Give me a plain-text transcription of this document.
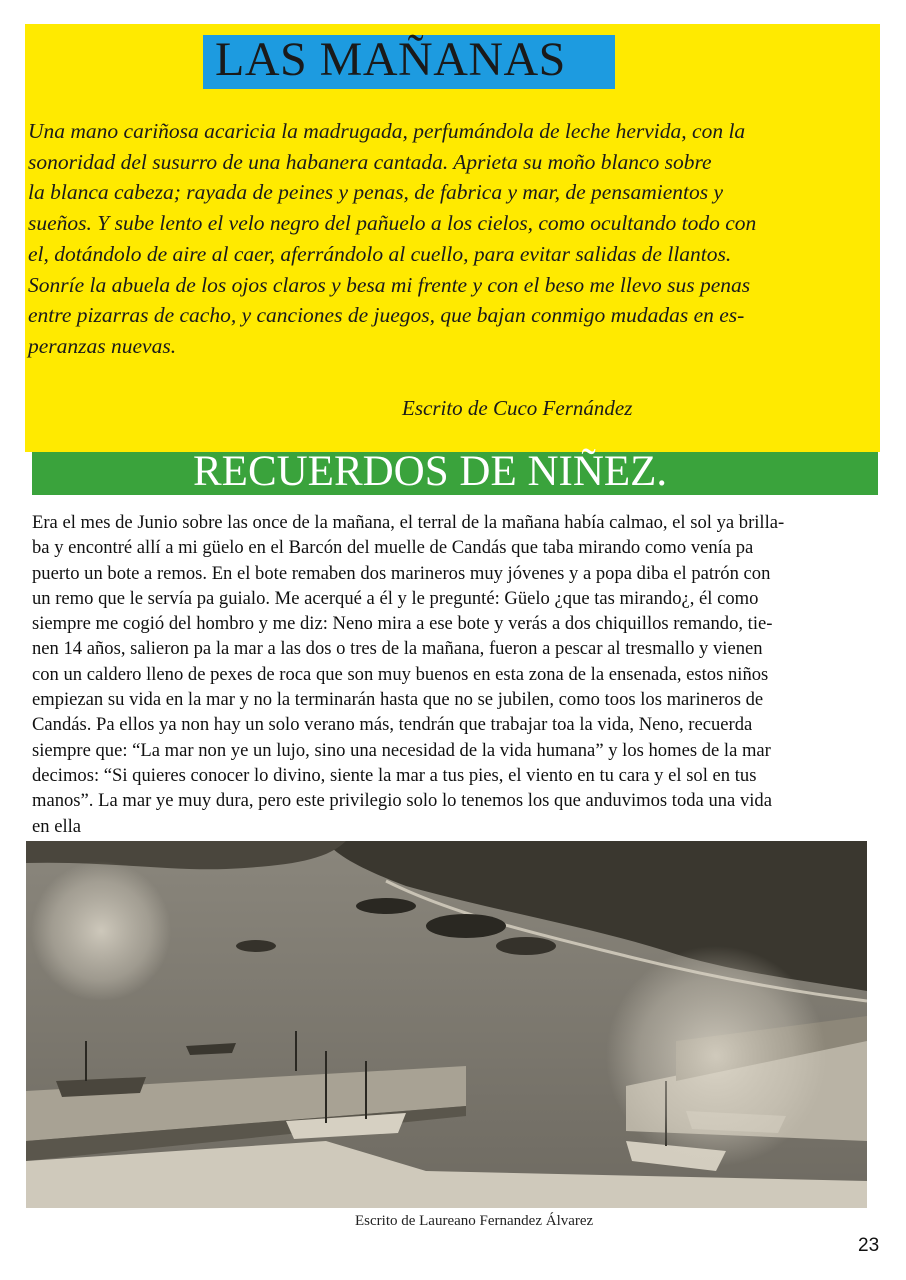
LAS MAÑANAS
Una mano cariñosa acaricia la madrugada, perfumándola de leche hervida, con la
sonoridad del susurro de una habanera cantada. Aprieta su moño blanco sobre
la blanca cabeza; rayada de peines y penas, de fabrica y mar, de pensamientos y
sueños. Y sube lento el velo negro del pañuelo a los cielos, como ocultando todo con
el, dotándolo de aire al caer, aferrándolo al cuello, para evitar salidas de llantos.
Sonríe la abuela de los ojos claros y besa mi frente y con el beso me llevo sus penas
entre pizarras de cacho, y canciones de juegos, que bajan conmigo mudadas en es-
peranzas nuevas.
Escrito de Cuco Fernández
RECUERDOS DE NIÑEZ.
Era el mes de Junio sobre las once de la mañana, el terral de la mañana había calmao, el sol ya brilla-
ba y encontré allí a mi güelo en el Barcón del muelle de Candás que taba mirando como venía pa
puerto un bote a remos. En el bote remaben dos marineros muy jóvenes y a popa diba el patrón con
un remo que le servía pa guialo. Me acerqué a él y le pregunté: Güelo ¿que tas mirando¿, él como
siempre me cogió del hombro y me diz: Neno mira a ese bote y verás a dos chiquillos remando, tie-
nen 14 años, salieron pa la mar a las dos o tres de la mañana, fueron a pescar al tresmallo y vienen
con un caldero lleno de pexes de roca que son muy buenos en esta zona de la ensenada, estos niños
empiezan su vida en la mar y no la terminarán hasta que no se jubilen, como toos los marineros de
Candás. Pa ellos ya non hay un solo verano más, tendrán que trabajar toa la vida, Neno, recuerda
siempre que: “La mar non ye un lujo, sino una necesidad de la vida humana” y los homes de la mar
decimos: “Si quieres conocer lo divino, siente la mar a tus pies, el viento en tu cara y el sol en tus
manos”. La mar ye muy dura, pero este privilegio solo lo tenemos los que anduvimos toda una vida
en ella
Escrito de Laureano Fernandez Álvarez
23
